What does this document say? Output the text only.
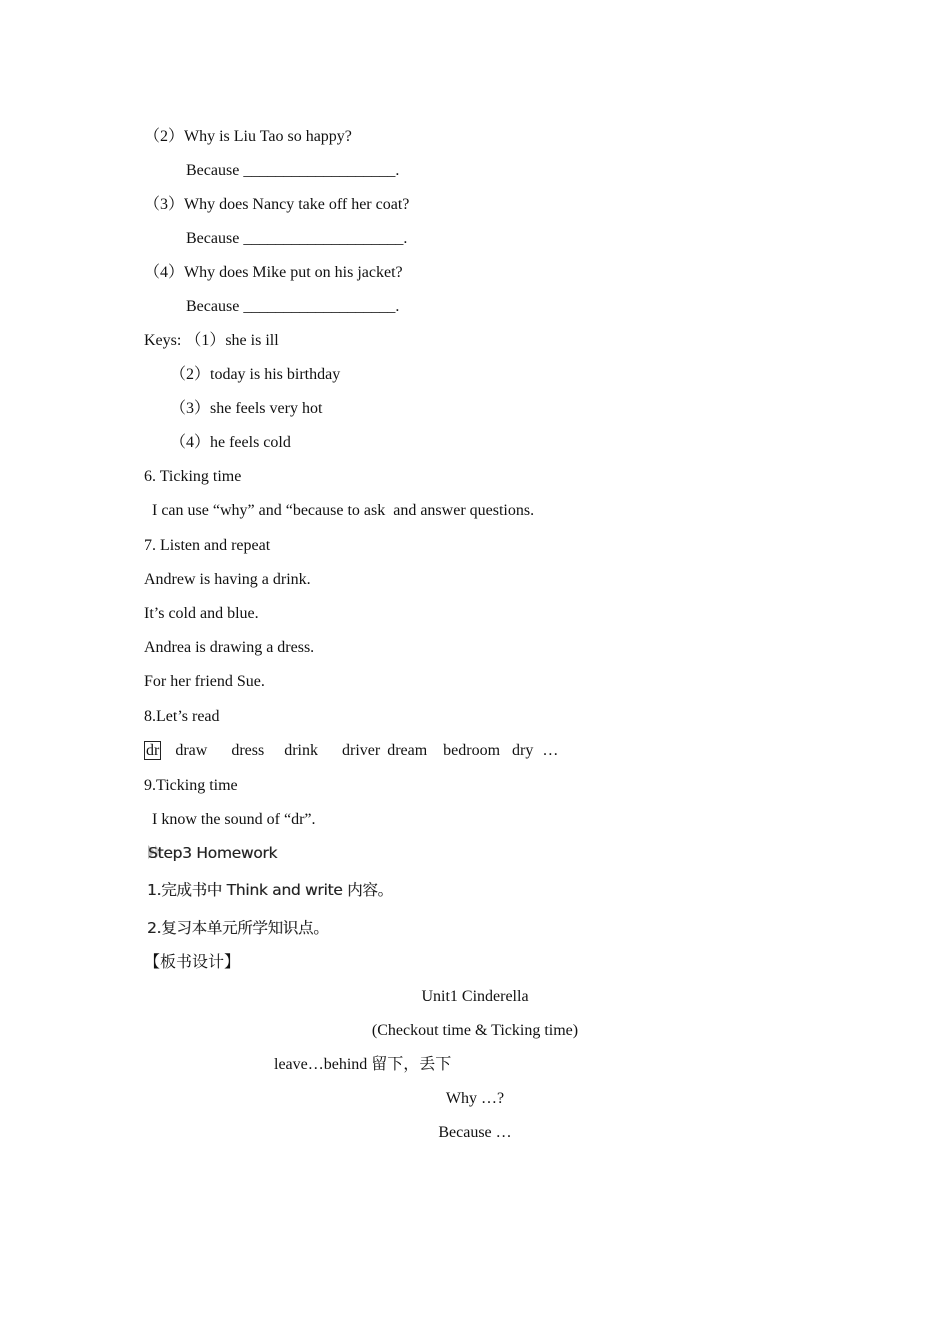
（2）Why is Liu Tao so happy?
Because ___________________.
（3）Why does Nancy take off her coat?
Because ____________________.
（4）Why does Mike put on his jacket?
Because ___________________.
Keys: （1）she is ill
（2）today is his birthday
（3）she feels very hot
（4）he feels cold
6. Ticking time
I can use “why” and “because to ask  and answer questions.
7. Listen and repeat
Andrew is having a drink.
It’s cold and blue.
Andrea is drawing a dress.
For her friend Sue.
8.Let’s read
dr draw dress drink driver dream bedroom dry …
9.Ticking time
I know the sound of “dr”.
Step3 Homework
1.完成书中 Think and write 内容。
2.复习本单元所学知识点。
【板书设计】
Unit1 Cinderella
(Checkout time & Ticking time)
leave…behind 留下，丢下
Why …?
Because …
